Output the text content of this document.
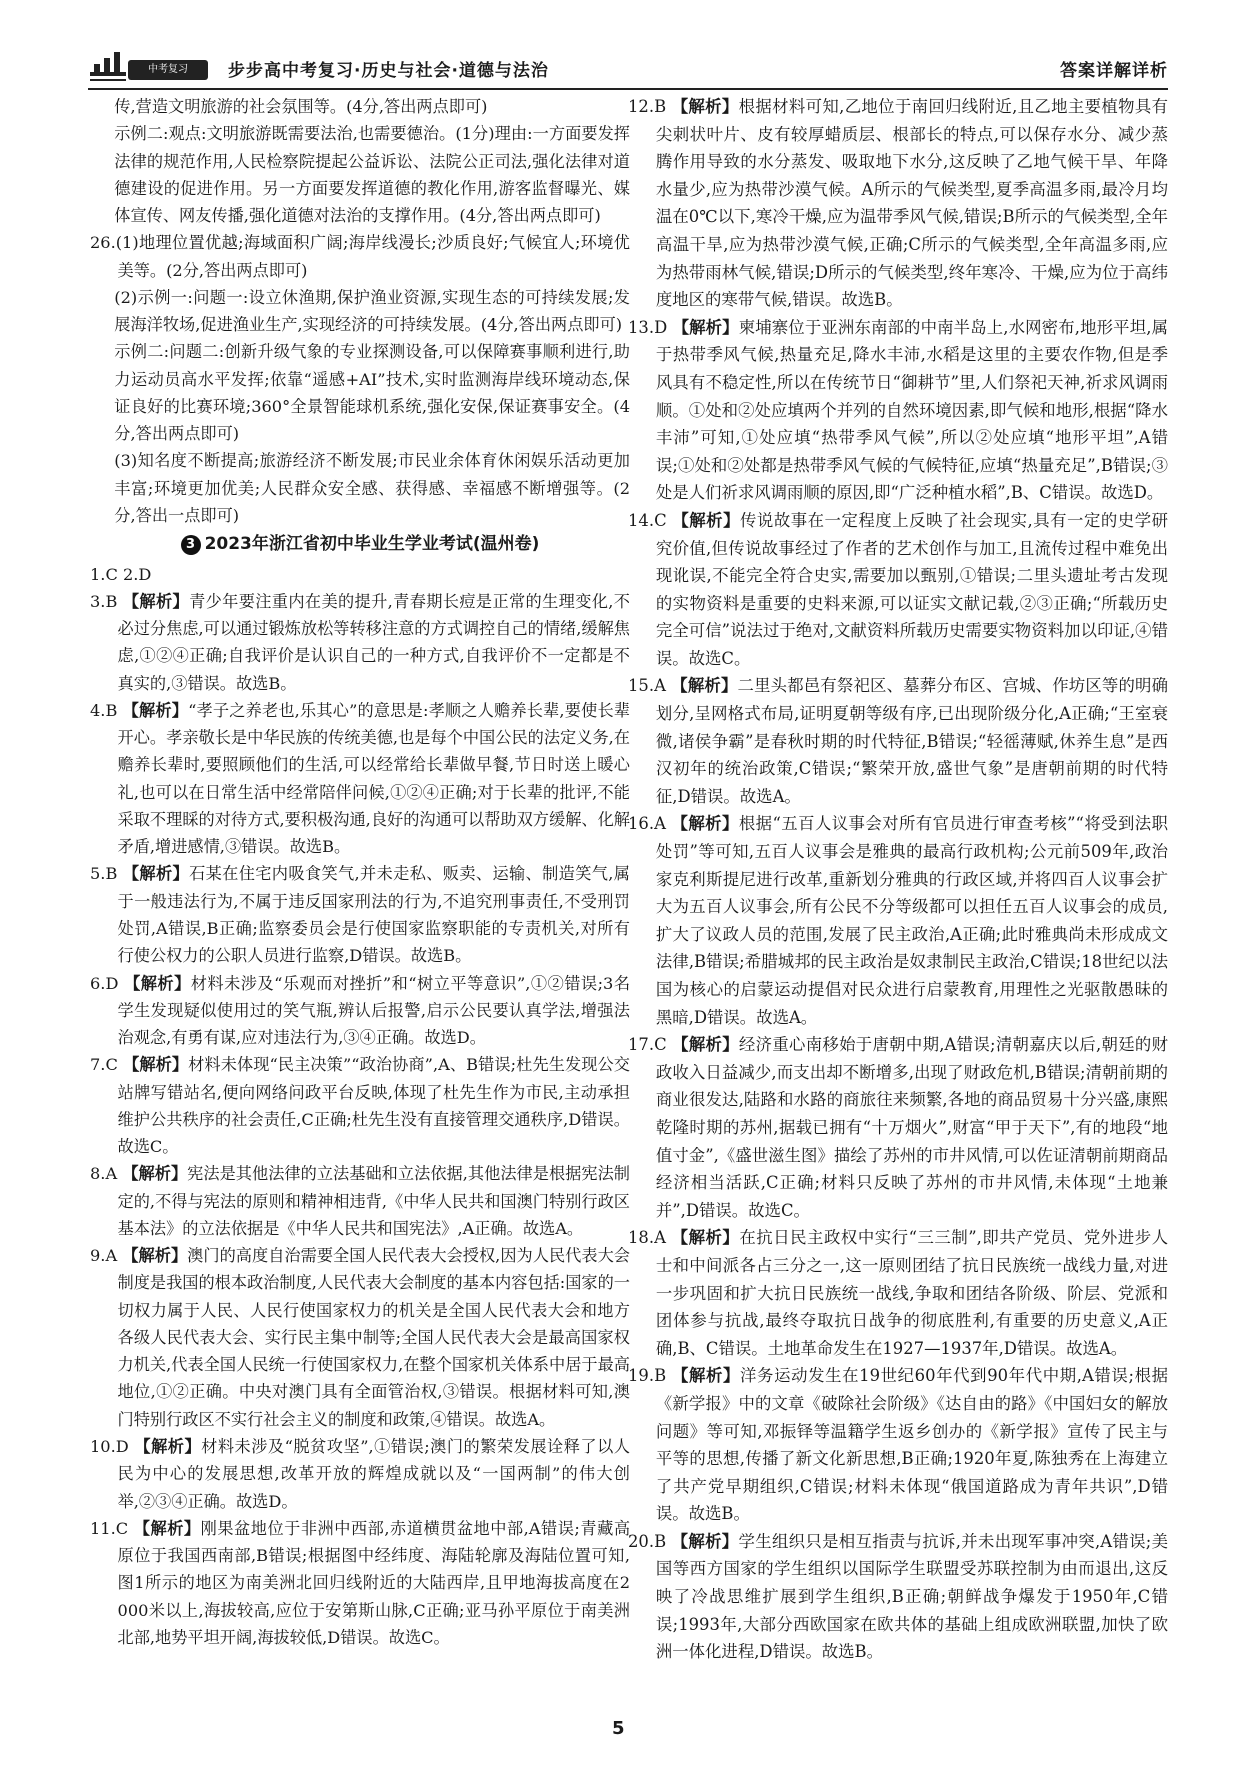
中考复习	步步高中考复习·历史与社会·道德与法治	答案详解详析

传,营造文明旅游的社会氛围等。(4分,答出两点即可)

示例二:观点:文明旅游既需要法治,也需要德治。(1分)理由:一方面要发挥法律的规范作用,人民检察院提起公益诉讼、法院公正司法,强化法律对道德建设的促进作用。另一方面要发挥道德的教化作用,游客监督曝光、媒体宣传、网友传播,强化道德对法治的支撑作用。(4分,答出两点即可)

26.(1)地理位置优越;海域面积广阔;海岸线漫长;沙质良好;气候宜人;环境优美等。(2分,答出两点即可)

(2)示例一:问题一:设立休渔期,保护渔业资源,实现生态的可持续发展;发展海洋牧场,促进渔业生产,实现经济的可持续发展。(4分,答出两点即可)

示例二:问题二:创新升级气象的专业探测设备,可以保障赛事顺利进行,助力运动员高水平发挥;依靠“遥感+AI”技术,实时监测海岸线环境动态,保证良好的比赛环境;360°全景智能球机系统,强化安保,保证赛事安全。(4分,答出两点即可)

(3)知名度不断提高;旅游经济不断发展;市民业余体育休闲娱乐活动更加丰富;环境更加优美;人民群众安全感、获得感、幸福感不断增强等。(2分,答出一点即可)

3 2023年浙江省初中毕业生学业考试(温州卷)

1.C 2.D

3.B 【解析】青少年要注重内在美的提升,青春期长痘是正常的生理变化,不必过分焦虑,可以通过锻炼放松等转移注意的方式调控自己的情绪,缓解焦虑,①②④正确;自我评价是认识自己的一种方式,自我评价不一定都是不真实的,③错误。故选B。

4.B 【解析】“孝子之养老也,乐其心”的意思是:孝顺之人赡养长辈,要使长辈开心。孝亲敬长是中华民族的传统美德,也是每个中国公民的法定义务,在赡养长辈时,要照顾他们的生活,可以经常给长辈做早餐,节日时送上暖心礼,也可以在日常生活中经常陪伴问候,①②④正确;对于长辈的批评,不能采取不理睬的对待方式,要积极沟通,良好的沟通可以帮助双方缓解、化解矛盾,增进感情,③错误。故选B。

5.B 【解析】石某在住宅内吸食笑气,并未走私、贩卖、运输、制造笑气,属于一般违法行为,不属于违反国家刑法的行为,不追究刑事责任,不受刑罚处罚,A错误,B正确;监察委员会是行使国家监察职能的专责机关,对所有行使公权力的公职人员进行监察,D错误。故选B。

6.D 【解析】材料未涉及“乐观而对挫折”和“树立平等意识”,①②错误;3名学生发现疑似使用过的笑气瓶,辨认后报警,启示公民要认真学法,增强法治观念,有勇有谋,应对违法行为,③④正确。故选D。

7.C 【解析】材料未体现“民主决策”“政治协商”,A、B错误;杜先生发现公交站牌写错站名,便向网络问政平台反映,体现了杜先生作为市民,主动承担维护公共秩序的社会责任,C正确;杜先生没有直接管理交通秩序,D错误。故选C。

8.A 【解析】宪法是其他法律的立法基础和立法依据,其他法律是根据宪法制定的,不得与宪法的原则和精神相违背,《中华人民共和国澳门特别行政区基本法》的立法依据是《中华人民共和国宪法》,A正确。故选A。

9.A 【解析】澳门的高度自治需要全国人民代表大会授权,因为人民代表大会制度是我国的根本政治制度,人民代表大会制度的基本内容包括:国家的一切权力属于人民、人民行使国家权力的机关是全国人民代表大会和地方各级人民代表大会、实行民主集中制等;全国人民代表大会是最高国家权力机关,代表全国人民统一行使国家权力,在整个国家机关体系中居于最高地位,①②正确。中央对澳门具有全面管治权,③错误。根据材料可知,澳门特别行政区不实行社会主义的制度和政策,④错误。故选A。

10.D 【解析】材料未涉及“脱贫攻坚”,①错误;澳门的繁荣发展诠释了以人民为中心的发展思想,改革开放的辉煌成就以及“一国两制”的伟大创举,②③④正确。故选D。

11.C 【解析】刚果盆地位于非洲中西部,赤道横贯盆地中部,A错误;青藏高原位于我国西南部,B错误;根据图中经纬度、海陆轮廓及海陆位置可知,图1所示的地区为南美洲北回归线附近的大陆西岸,且甲地海拔高度在2 000米以上,海拔较高,应位于安第斯山脉,C正确;亚马孙平原位于南美洲北部,地势平坦开阔,海拔较低,D错误。故选C。

12.B 【解析】根据材料可知,乙地位于南回归线附近,且乙地主要植物具有尖刺状叶片、皮有较厚蜡质层、根部长的特点,可以保存水分、减少蒸腾作用导致的水分蒸发、吸取地下水分,这反映了乙地气候干旱、年降水量少,应为热带沙漠气候。A所示的气候类型,夏季高温多雨,最冷月均温在0℃以下,寒冷干燥,应为温带季风气候,错误;B所示的气候类型,全年高温干旱,应为热带沙漠气候,正确;C所示的气候类型,全年高温多雨,应为热带雨林气候,错误;D所示的气候类型,终年寒冷、干燥,应为位于高纬度地区的寒带气候,错误。故选B。

13.D 【解析】柬埔寨位于亚洲东南部的中南半岛上,水网密布,地形平坦,属于热带季风气候,热量充足,降水丰沛,水稻是这里的主要农作物,但是季风具有不稳定性,所以在传统节日“御耕节”里,人们祭祀天神,祈求风调雨顺。①处和②处应填两个并列的自然环境因素,即气候和地形,根据“降水丰沛”可知,①处应填“热带季风气候”,所以②处应填“地形平坦”,A错误;①处和②处都是热带季风气候的气候特征,应填“热量充足”,B错误;③处是人们祈求风调雨顺的原因,即“广泛种植水稻”,B、C错误。故选D。

14.C 【解析】传说故事在一定程度上反映了社会现实,具有一定的史学研究价值,但传说故事经过了作者的艺术创作与加工,且流传过程中难免出现讹误,不能完全符合史实,需要加以甄别,①错误;二里头遗址考古发现的实物资料是重要的史料来源,可以证实文献记载,②③正确;“所载历史完全可信”说法过于绝对,文献资料所载历史需要实物资料加以印证,④错误。故选C。

15.A 【解析】二里头都邑有祭祀区、墓葬分布区、宫城、作坊区等的明确划分,呈网格式布局,证明夏朝等级有序,已出现阶级分化,A正确;“王室衰微,诸侯争霸”是春秋时期的时代特征,B错误;“轻徭薄赋,休养生息”是西汉初年的统治政策,C错误;“繁荣开放,盛世气象”是唐朝前期的时代特征,D错误。故选A。

16.A 【解析】根据“五百人议事会对所有官员进行审查考核”“将受到法职处罚”等可知,五百人议事会是雅典的最高行政机构;公元前509年,政治家克利斯提尼进行改革,重新划分雅典的行政区域,并将四百人议事会扩大为五百人议事会,所有公民不分等级都可以担任五百人议事会的成员,扩大了议政人员的范围,发展了民主政治,A正确;此时雅典尚未形成成文法律,B错误;希腊城邦的民主政治是奴隶制民主政治,C错误;18世纪以法国为核心的启蒙运动提倡对民众进行启蒙教育,用理性之光驱散愚昧的黑暗,D错误。故选A。

17.C 【解析】经济重心南移始于唐朝中期,A错误;清朝嘉庆以后,朝廷的财政收入日益减少,而支出却不断增多,出现了财政危机,B错误;清朝前期的商业很发达,陆路和水路的商旅往来频繁,各地的商品贸易十分兴盛,康熙乾隆时期的苏州,据载已拥有“十万烟火”,财富“甲于天下”,有的地段“地值寸金”,《盛世滋生图》描绘了苏州的市井风情,可以佐证清朝前期商品经济相当活跃,C正确;材料只反映了苏州的市井风情,未体现“土地兼并”,D错误。故选C。

18.A 【解析】在抗日民主政权中实行“三三制”,即共产党员、党外进步人士和中间派各占三分之一,这一原则团结了抗日民族统一战线力量,对进一步巩固和扩大抗日民族统一战线,争取和团结各阶级、阶层、党派和团体参与抗战,最终夺取抗日战争的彻底胜利,有重要的历史意义,A正确,B、C错误。土地革命发生在1927—1937年,D错误。故选A。

19.B 【解析】洋务运动发生在19世纪60年代到90年代中期,A错误;根据《新学报》中的文章《破除社会阶级》《达自由的路》《中国妇女的解放问题》等可知,邓振铎等温籍学生返乡创办的《新学报》宣传了民主与平等的思想,传播了新文化新思想,B正确;1920年夏,陈独秀在上海建立了共产党早期组织,C错误;材料未体现“俄国道路成为青年共识”,D错误。故选B。

20.B 【解析】学生组织只是相互指责与抗诉,并未出现军事冲突,A错误;美国等西方国家的学生组织以国际学生联盟受苏联控制为由而退出,这反映了冷战思维扩展到学生组织,B正确;朝鲜战争爆发于1950年,C错误;1993年,大部分西欧国家在欧共体的基础上组成欧洲联盟,加快了欧洲一体化进程,D错误。故选B。

5
